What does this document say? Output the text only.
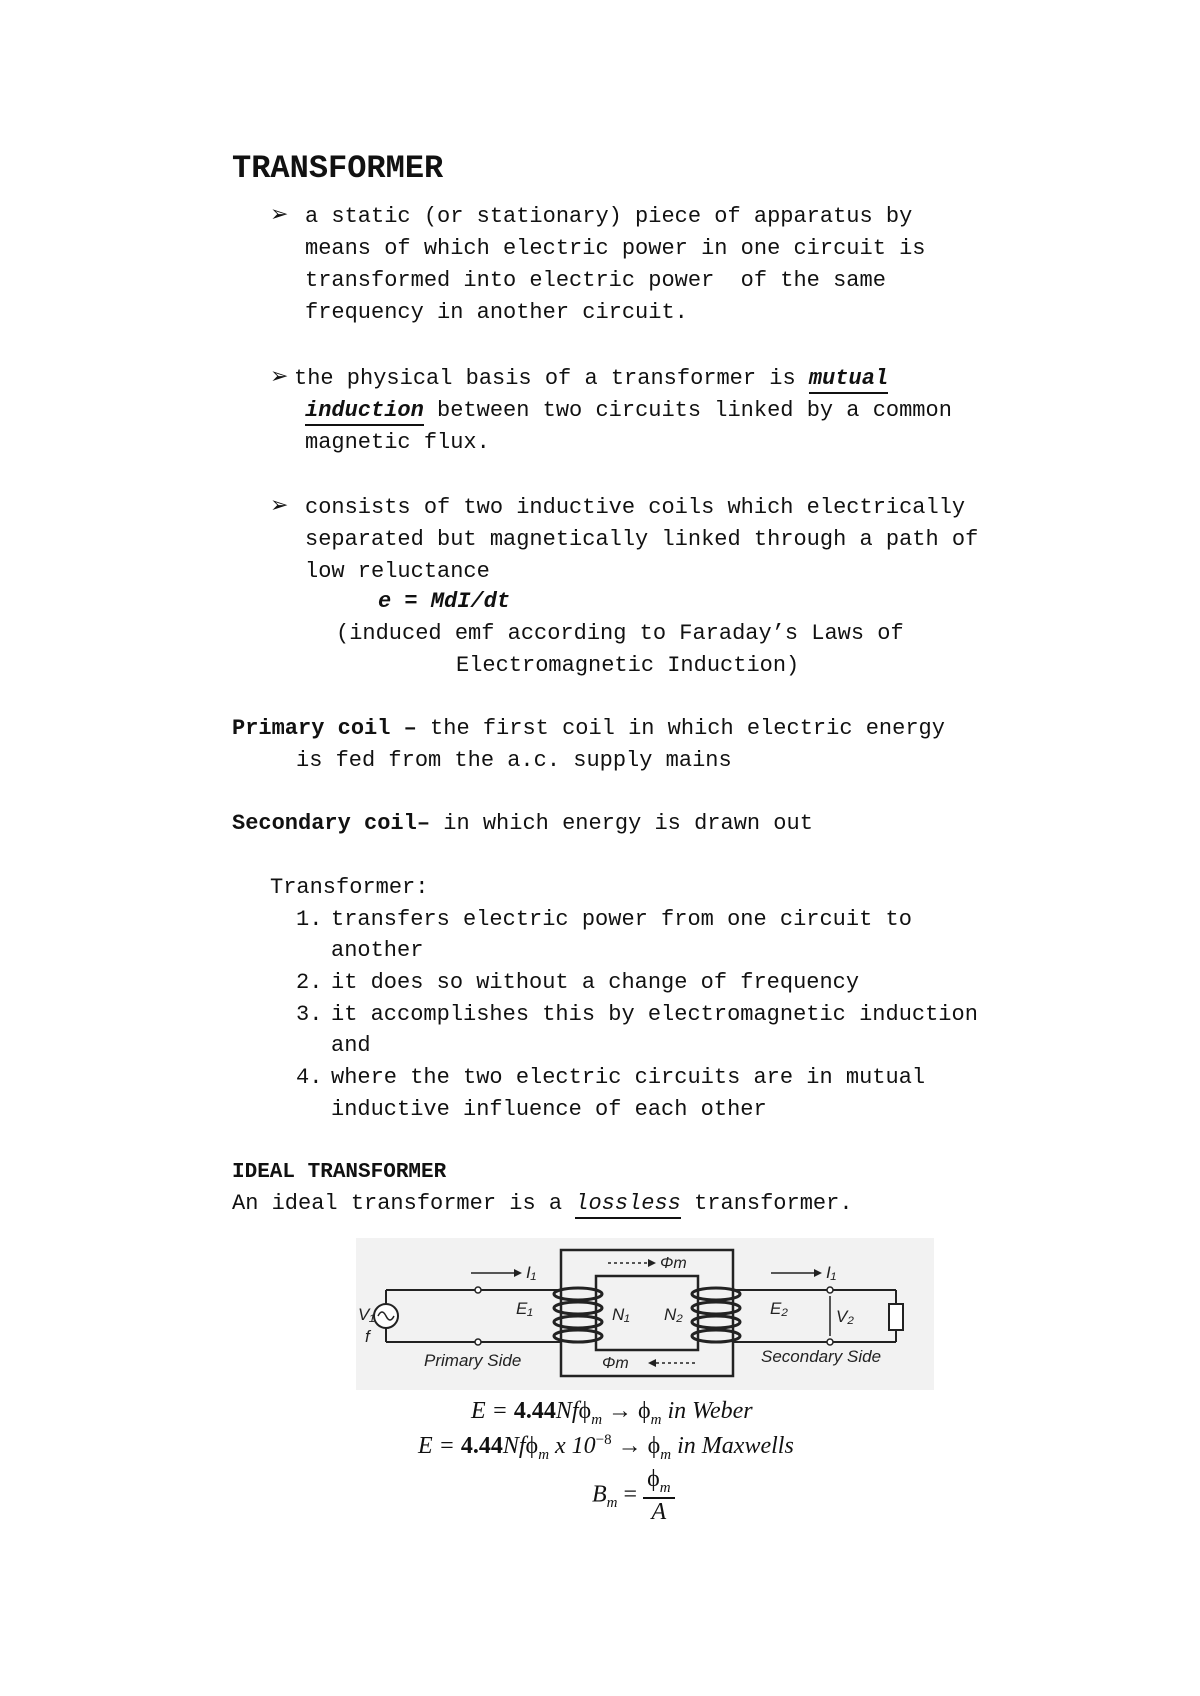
TRANSFORMER
➢ a static (or stationary) piece of apparatus by
means of which electric power in one circuit is
transformed into electric power  of the same
frequency in another circuit.
➢ the physical basis of a transformer is mutual
induction between two circuits linked by a common
magnetic flux.
➢ consists of two inductive coils which electrically
separated but magnetically linked through a path of
low reluctance
e = MdI/dt
(induced emf according to Faraday’s Laws of
Electromagnetic Induction)
Primary coil – the first coil in which electric energy
is fed from the a.c. supply mains
Secondary coil– in which energy is drawn out
Transformer:
1. transfers electric power from one circuit to
another
2. it does so without a change of frequency
3. it accomplishes this by electromagnetic induction
and
4. where the two electric circuits are in mutual
inductive influence of each other
IDEAL TRANSFORMER
An ideal transformer is a lossless transformer.
I₁	Φm	I₁
V₁
f
E₁	N₁ N₂	E₂	V₂
Primary Side	Φm	Secondary Side
$E = 4.44Nf\phi_m \to \phi_m$ in Weber
E = 4.44Nfϕ$_m$ x $10^{-8} \to \phi_m$ in Maxwells
$B_m = \frac{\phi_m}{A}$
